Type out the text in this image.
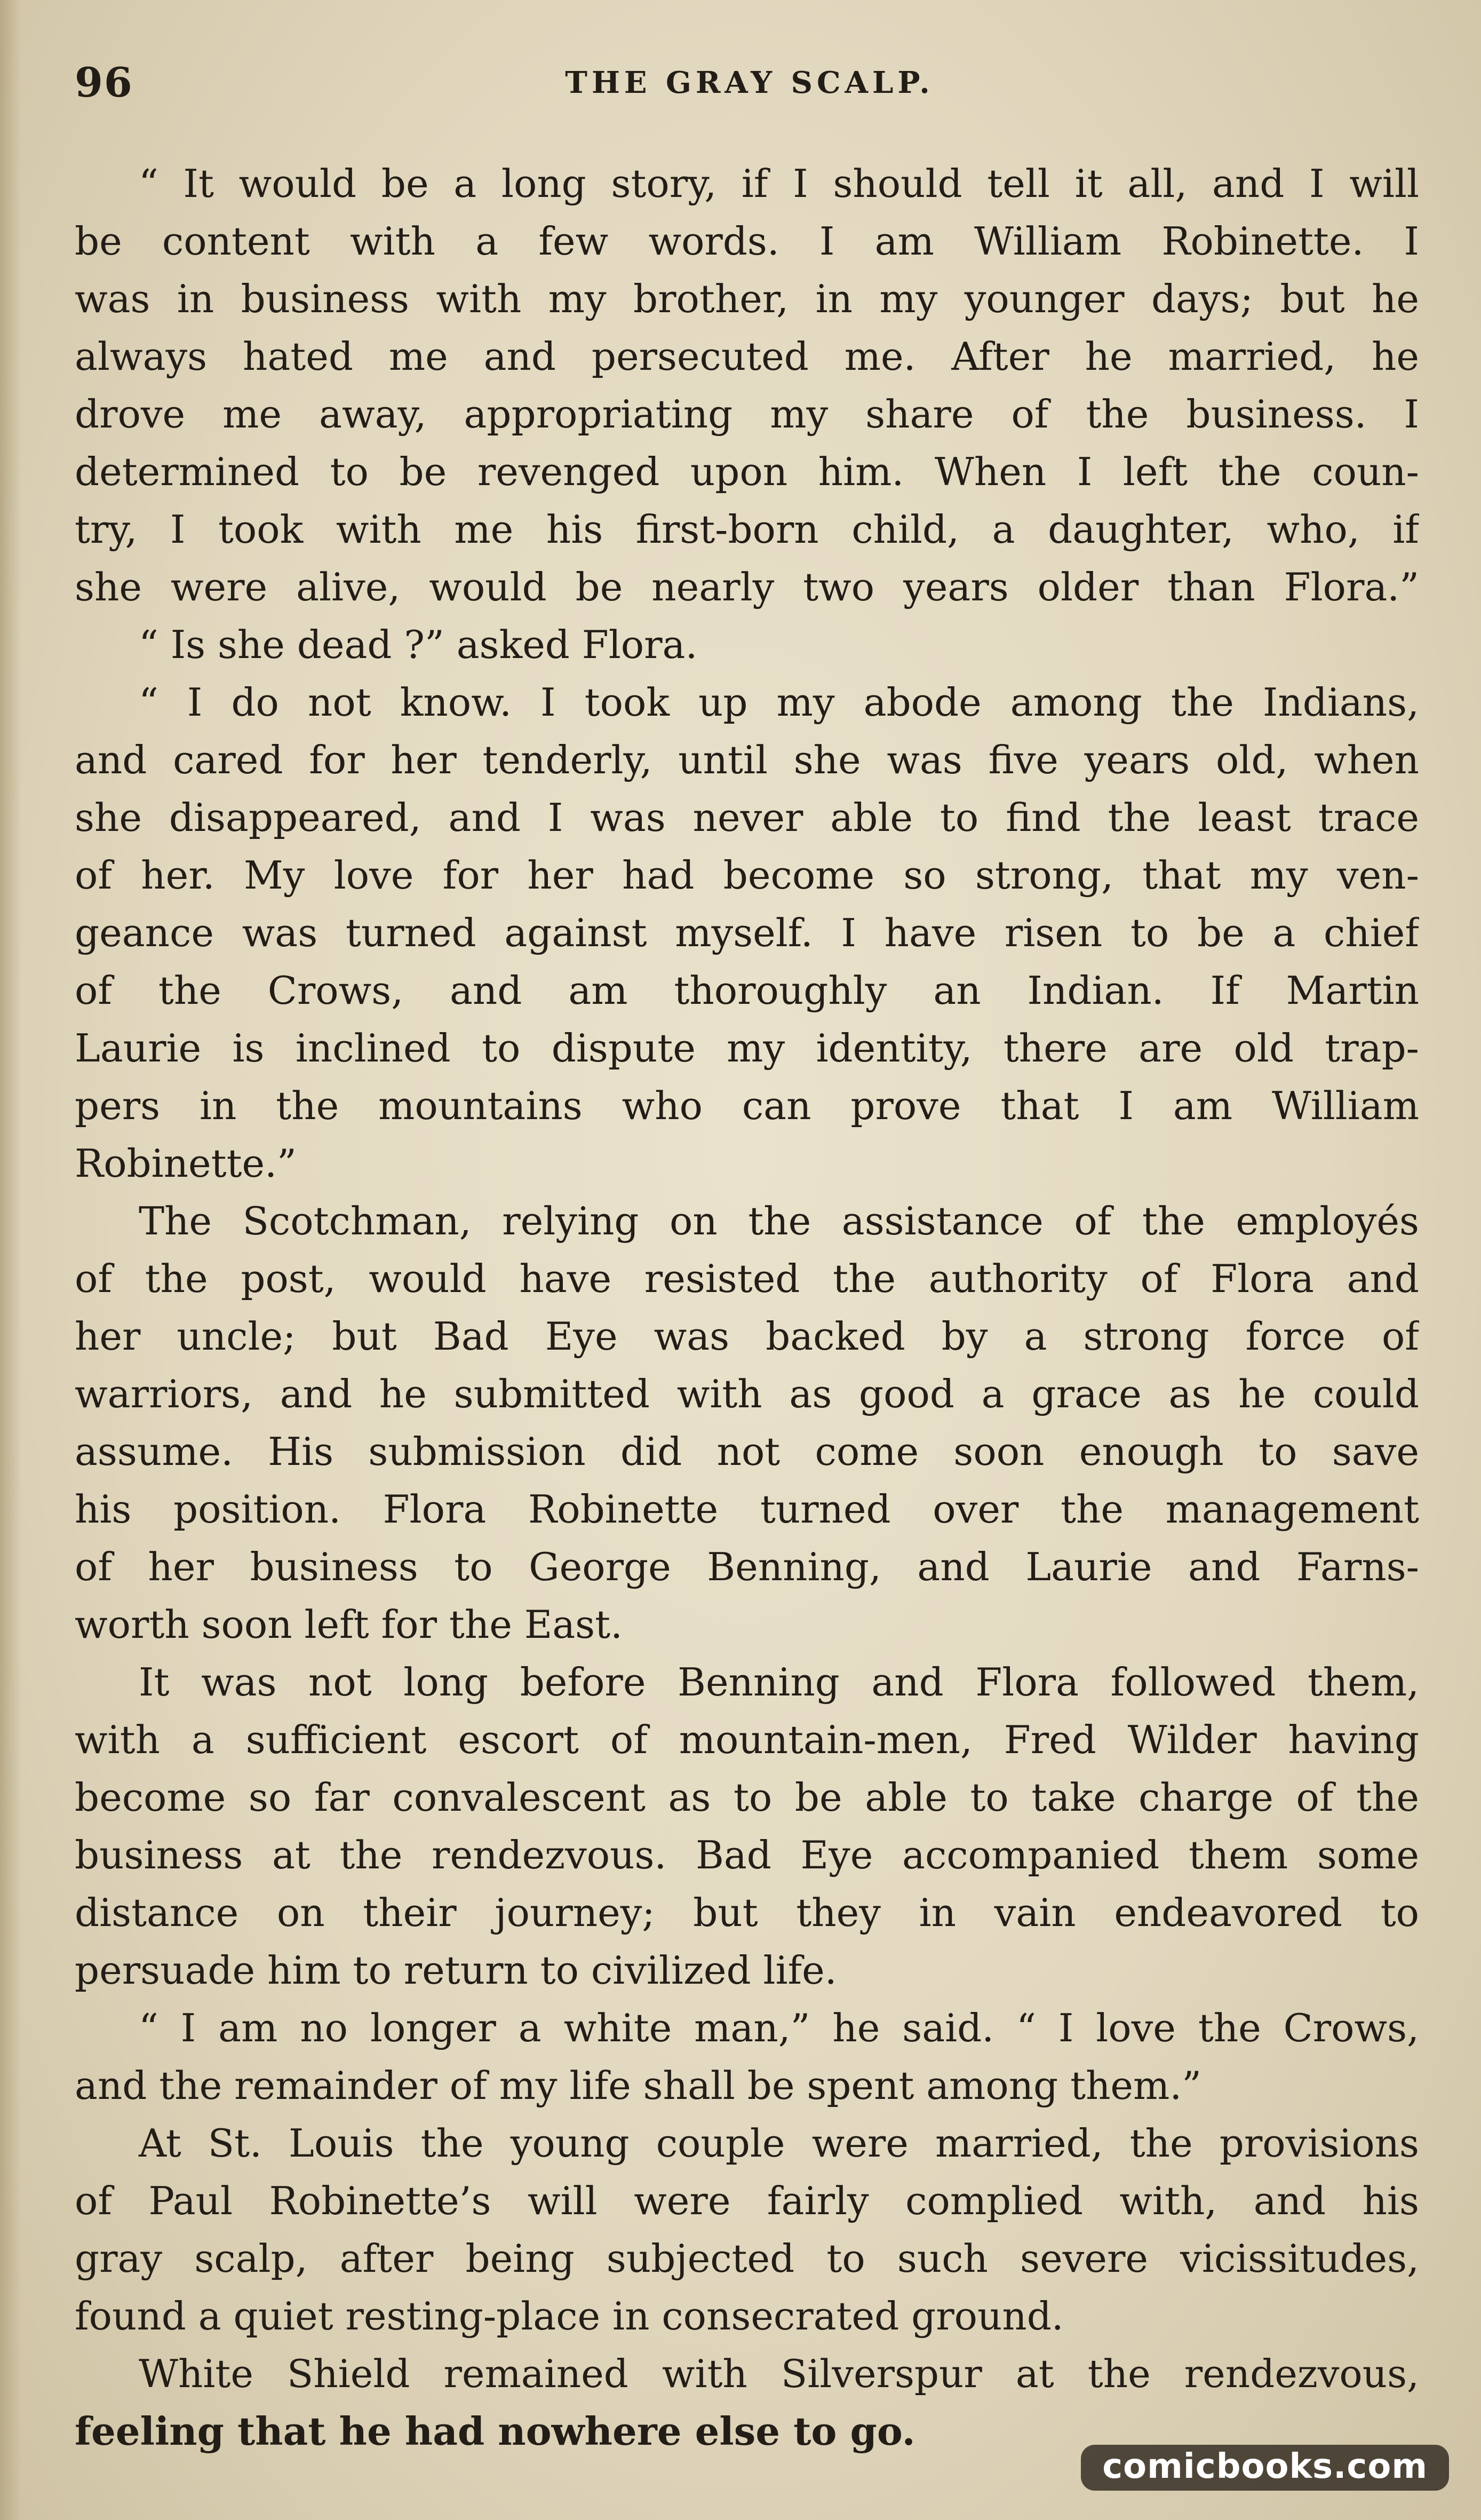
96	THE GRAY SCALP.
“ It would be a long story, if I should tell it all, and I will
be content with a few words. I am William Robinette. I
was in business with my brother, in my younger days; but he
always hated me and persecuted me. After he married, he
drove me away, appropriating my share of the business. I
determined to be revenged upon him. When I left the coun-
try, I took with me his first-born child, a daughter, who, if
she were alive, would be nearly two years older than Flora.”
“ Is she dead ?” asked Flora.
“ I do not know. I took up my abode among the Indians,
and cared for her tenderly, until she was five years old, when
she disappeared, and I was never able to find the least trace
of her. My love for her had become so strong, that my ven-
geance was turned against myself. I have risen to be a chief
of the Crows, and am thoroughly an Indian. If Martin
Laurie is inclined to dispute my identity, there are old trap-
pers in the mountains who can prove that I am William
Robinette.”
The Scotchman, relying on the assistance of the employés
of the post, would have resisted the authority of Flora and
her uncle; but Bad Eye was backed by a strong force of
warriors, and he submitted with as good a grace as he could
assume. His submission did not come soon enough to save
his position. Flora Robinette turned over the management
of her business to George Benning, and Laurie and Farns-
worth soon left for the East.
It was not long before Benning and Flora followed them,
with a sufficient escort of mountain-men, Fred Wilder having
become so far convalescent as to be able to take charge of the
business at the rendezvous. Bad Eye accompanied them some
distance on their journey; but they in vain endeavored to
persuade him to return to civilized life.
“ I am no longer a white man,” he said. “ I love the Crows,
and the remainder of my life shall be spent among them.”
At St. Louis the young couple were married, the provisions
of Paul Robinette’s will were fairly complied with, and his
gray scalp, after being subjected to such severe vicissitudes,
found a quiet resting-place in consecrated ground.
White Shield remained with Silverspur at the rendezvous,
feeling that he had nowhere else to go.
comicbooks.com
